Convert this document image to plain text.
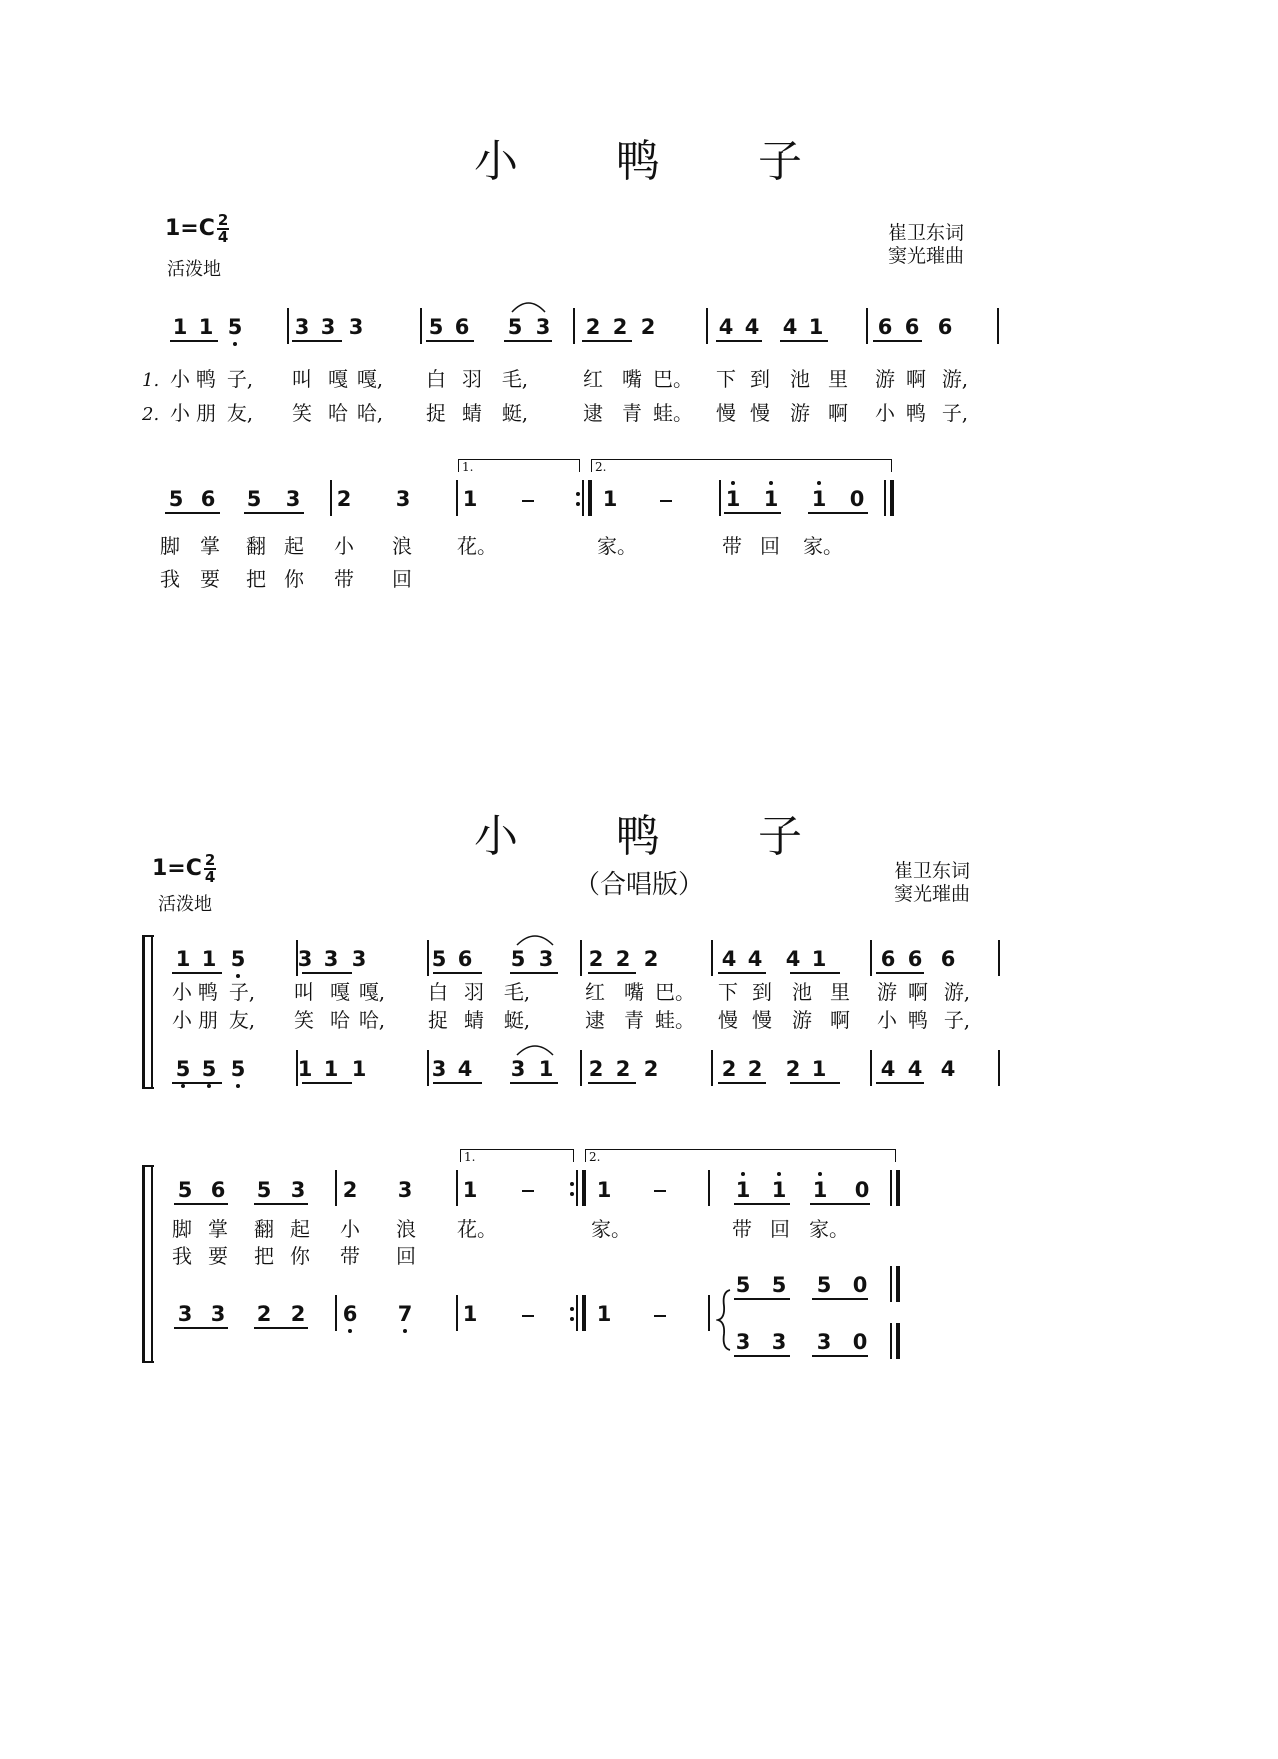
小 鸭 子
$1=C \frac{2}{4}$
活泼地
崔卫东词
窦光璀曲
1 1 5 3 3 3	5 6 5 3 2 2 2	4 4 4 1	6 6 6
1.
2.
小 鸭 子, 叫 嘎 嘎, 白 羽 毛,	红 嘴 巴。 下 到 池 里 游 啊 游,
小 朋 友, 笑 哈 哈, 捉 蜻 蜓,	逮 青 蛙。 慢 慢 游 啊 小 鸭 子,
5 6 5 3 2 3 1	1	1 1 1 0
1.	2.
脚 掌 翻 起 小 浪 花。	家。	带 回 家。
我 要 把 你 带 回
小 鸭 子
（合唱版）
$1=C \frac{2}{4}$
活泼地
崔卫东词
窦光璀曲
1 1 5 3 3 3	5 6 5 3 2 2 2	4 4 4 1	6 6 6
小 鸭 子, 叫 嘎 嘎, 白 羽 毛,	红 嘴 巴。 下 到 池 里 游 啊 游,
小 朋 友, 笑 哈 哈, 捉 蜻 蜓,	逮 青 蛙。 慢 慢 游 啊 小 鸭 子,
5 5 5 1 1 1	3 4 3 1 2 2 2	2 2 2 1	4 4 4
5 6 5 3 2 3 1	1	1 1 1 0
1.	2.
脚 掌 翻 起 小 浪 花。	家。	带 回 家。
我 要 把 你 带 回
3 3 2 2 6 7 1	1
5 5 5 0
3 3 3 0
